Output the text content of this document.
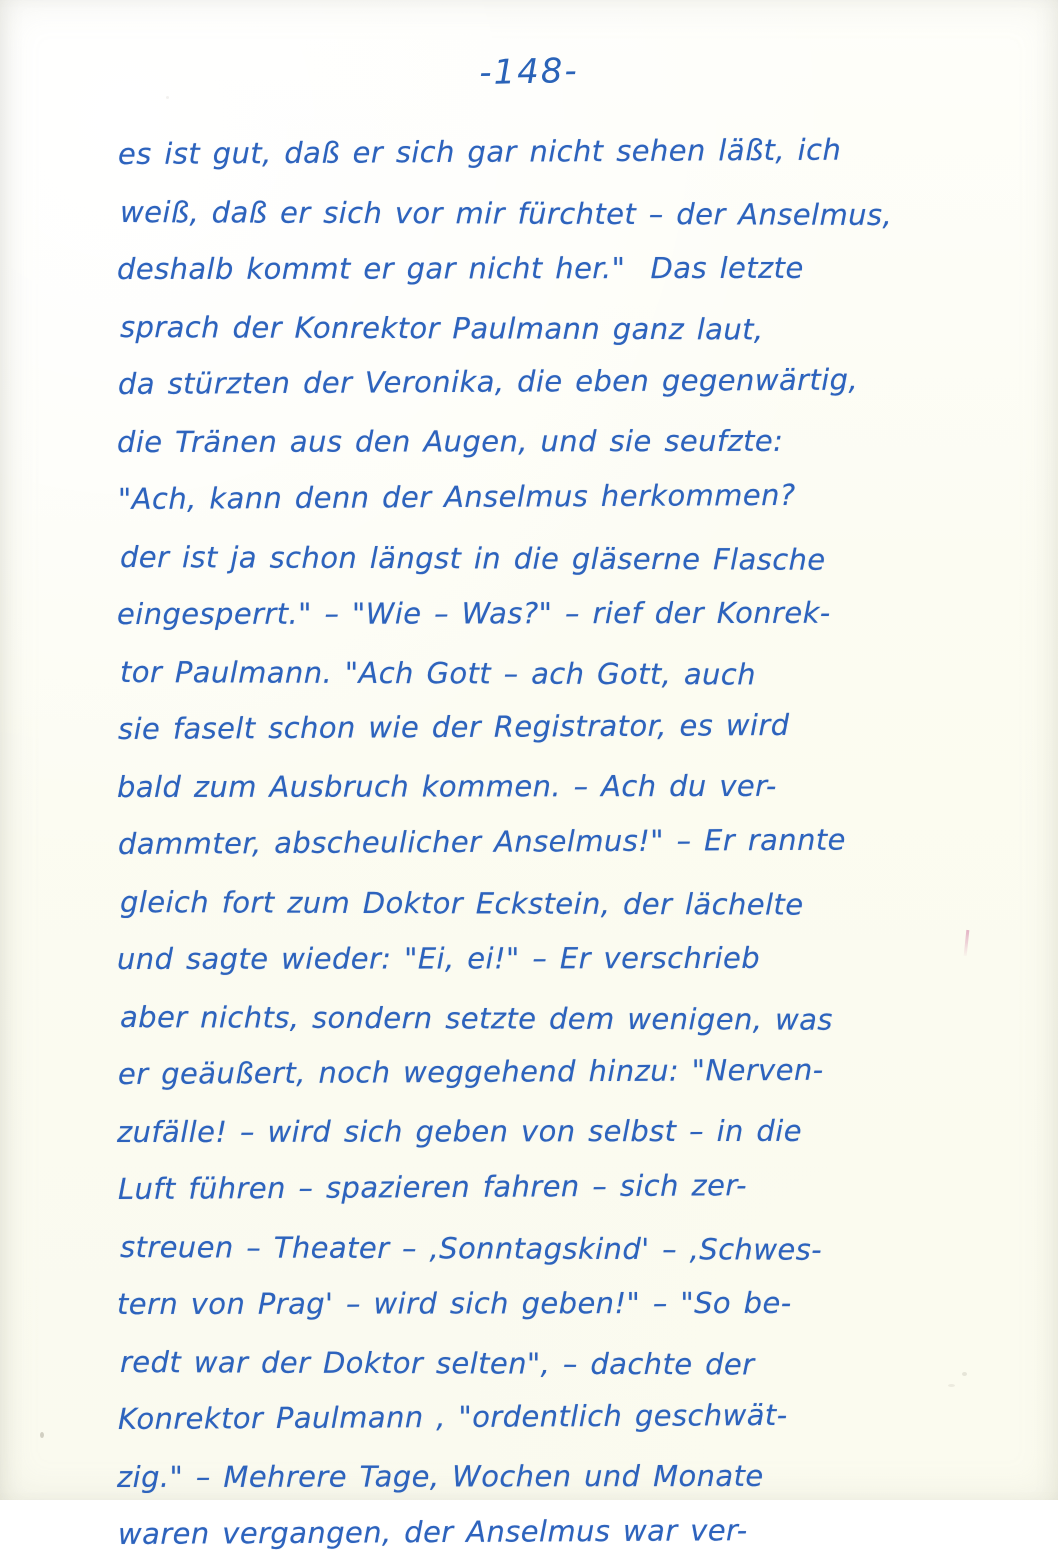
-148-
es ist gut, daß er sich gar nicht sehen läßt, ich
weiß, daß er sich vor mir fürchtet – der Anselmus,
deshalb kommt er gar nicht her."  Das letzte
sprach der Konrektor Paulmann ganz laut,
da stürzten der Veronika, die eben gegenwärtig,
die Tränen aus den Augen, und sie seufzte:
"Ach, kann denn der Anselmus herkommen?
der ist ja schon längst in die gläserne Flasche
eingesperrt." – "Wie – Was?" – rief der Konrek-
tor Paulmann. "Ach Gott – ach Gott, auch
sie faselt schon wie der Registrator, es wird
bald zum Ausbruch kommen. – Ach du ver-
dammter, abscheulicher Anselmus!" – Er rannte
gleich fort zum Doktor Eckstein, der lächelte
und sagte wieder: "Ei, ei!" – Er verschrieb
aber nichts, sondern setzte dem wenigen, was
er geäußert, noch weggehend hinzu: "Nerven-
zufälle! – wird sich geben von selbst – in die
Luft führen – spazieren fahren – sich zer-
streuen – Theater – ,Sonntagskind' – ,Schwes-
tern von Prag' – wird sich geben!" – "So be-
redt war der Doktor selten", – dachte der
Konrektor Paulmann , "ordentlich geschwät-
zig." – Mehrere Tage, Wochen und Monate
waren vergangen, der Anselmus war ver-
